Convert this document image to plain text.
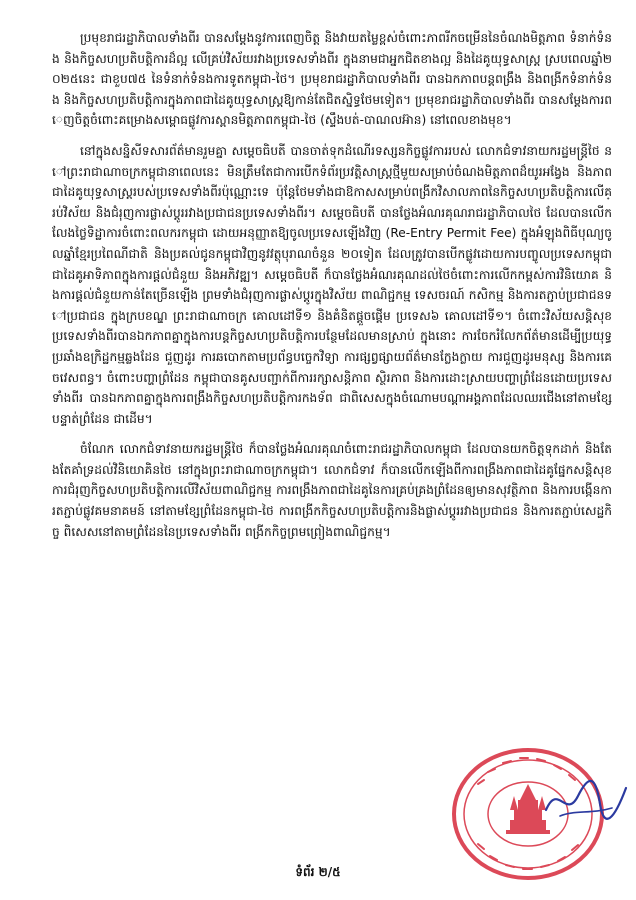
ប្រមុខរាជរដ្ឋាភិបាលទាំងពីរ បានសម្ដែងនូវការពេញចិត្ត និងវាយតម្លៃខ្ពស់ចំពោះភាពរីកចម្រើននៃចំណងមិត្តភាព ទំនាក់ទំនង និងកិច្ចសហប្រតិបត្តិការដ៏ល្អ លើគ្រប់វិស័យរវាងប្រទេសទាំងពីរ ក្នុងនាមជាអ្នកជិតខាងល្អ និងដៃគូយុទ្ធសាស្ត្រ ស្របពេលឆ្នាំ២០២៥នេះ ជាខួប៧៥ នៃទំនាក់ទំនងការទូតកម្ពុជា-ថៃ។ ប្រមុខរាជរដ្ឋាភិបាលទាំងពីរ បានឯកភាពបន្តពង្រឹង និងពង្រីកទំនាក់ទំនង និងកិច្ចសហប្រតិបត្តិការក្នុងភាពជាដៃគូយុទ្ធសាស្ត្រឱ្យកាន់តែជិតស្និទ្ធថែមទៀត។ ប្រមុខរាជរដ្ឋាភិបាលទាំងពីរ បានសម្ដែងការពេញចិត្តចំពោះគម្រោងសម្ពោធផ្លូវការស្ពានមិត្តភាពកម្ពុជា-ថៃ (ស្ទឹងបត់-បាណលអ៊ាន) នៅពេលខាងមុខ។

នៅក្នុងសន្និសីទសារព័ត៌មានរួមគ្នា សម្ដេចធិបតី បានចាត់ទុកដំណើរទស្សនកិច្ចផ្លូវការរបស់ លោកជំទាវនាយករដ្ឋមន្ត្រីថៃ នៅព្រះរាជាណាចក្រកម្ពុជានាពេលនេះ មិនត្រឹមតែជាការបើកទំព័រប្រវត្តិសាស្ត្រថ្មីមួយសម្រាប់ចំណងមិត្តភាពដ៏យូរអង្វែង និងភាពជាដៃគូយុទ្ធសាស្ត្ររបស់ប្រទេសទាំងពីរប៉ុណ្ណោះទេ ប៉ុន្តែថែមទាំងជាឱកាសសម្រាប់ពង្រីកវិសាលភាពនៃកិច្ចសហប្រតិបត្តិការលើគ្រប់វិស័យ និងជំរុញការផ្លាស់ប្តូររវាងប្រជាជនប្រទេសទាំងពីរ។ សម្ដេចធិបតី បានថ្លែងអំណរគុណរាជរដ្ឋាភិបាលថៃ ដែលបានលើកលែងថ្លៃទិដ្ឋាការចំពោះពលករកម្ពុជា ដោយអនុញ្ញាតឱ្យចូលប្រទេសឡើងវិញ (Re-Entry Permit Fee) ក្នុងអំឡុងពិធីបុណ្យចូលឆ្នាំខ្មែរប្រពៃណីជាតិ និងប្រគល់ជូនកម្ពុជាវិញនូវវត្ថុបុរាណចំនួន ២០ទៀត ដែលត្រូវបានបើកផ្លូវដោយការបញ្ចូលប្រទេសកម្ពុជាជាដៃគូអាទិភាពក្នុងការផ្ដល់ជំនួយ និងអភិវឌ្ឍ។ សម្ដេចធិបតី ក៏បានថ្លែងអំណរគុណដល់ថៃចំពោះការលើកកម្ពស់ការវិនិយោគ និងការផ្ដល់ជំនួយកាន់តែច្រើនឡើង ព្រមទាំងជំរុញការផ្លាស់ប្តូរក្នុងវិស័យ ពាណិជ្ជកម្ម ទេសចរណ៍ កសិកម្ម និងការតភ្ជាប់ប្រជាជនទៅប្រជាជន ក្នុងក្របខណ្ឌ ព្រះរាជាណាចក្រ គោលដៅទី១ និងគំនិតផ្ដួចផ្ដើម ប្រទេស៦ គោលដៅទី១។ ចំពោះវិស័យសន្តិសុខ ប្រទេសទាំងពីរបានឯកភាពគ្នាក្នុងការបន្តកិច្ចសហប្រតិបត្តិការបន្ថែមដែលមានស្រាប់ ក្នុងនោះ ការចែករំលែកព័ត៌មានដើម្បីប្រយុទ្ធប្រឆាំងឧក្រិដ្ឋកម្មឆ្លងដែន ជួញដូរ ការឆបោកតាមប្រព័ន្ធបច្ចេកវិទ្យា ការផ្សព្វផ្សាយព័ត៌មានក្លែងក្លាយ ការជួញដូរមនុស្ស និងការគេចវេសពន្ធ។ ចំពោះបញ្ហាព្រំដែន កម្ពុជាបានគូសបញ្ជាក់ពីការរក្សាសន្តិភាព ស្ថិរភាព និងការដោះស្រាយបញ្ហាព្រំដែនដោយប្រទេសទាំងពីរ បានឯកភាពគ្នាក្នុងការពង្រឹងកិច្ចសហប្រតិបត្តិការកងទ័ព ជាពិសេសក្នុងចំណោមបណ្ដាអង្គភាពដែលឈរជើងនៅតាមខ្សែបន្ទាត់ព្រំដែន ជាដើម។

ចំណែក លោកជំទាវនាយករដ្ឋមន្ត្រីថៃ ក៏បានថ្លែងអំណរគុណចំពោះរាជរដ្ឋាភិបាលកម្ពុជា ដែលបានយកចិត្តទុកដាក់ និងតែងតែគាំទ្រដល់វិនិយោគិនថៃ នៅក្នុងព្រះរាជាណាចក្រកម្ពុជា។ លោកជំទាវ ក៏បានលើកឡើងពីការពង្រឹងភាពជាដៃគូផ្នែកសន្តិសុខ ការជំរុញកិច្ចសហប្រតិបត្តិការលើវិស័យពាណិជ្ជកម្ម ការពង្រឹងភាពជាដៃគូនៃការគ្រប់គ្រងព្រំដែនឲ្យមានសុវត្ថិភាព និងការបង្កើនការតភ្ជាប់ផ្លូវគមនាគមន៍ នៅតាមខ្សែព្រំដែនកម្ពុជា-ថៃ ការពង្រីកកិច្ចសហប្រតិបត្តិការនិងផ្លាស់ប្តូររវាងប្រជាជន និងការតភ្ជាប់សេដ្ឋកិច្ច ពិសេសនៅតាមព្រំដែននៃប្រទេសទាំងពីរ ពង្រីកកិច្ចព្រមព្រៀងពាណិជ្ជកម្ម។

ទំព័រ ២/៥
